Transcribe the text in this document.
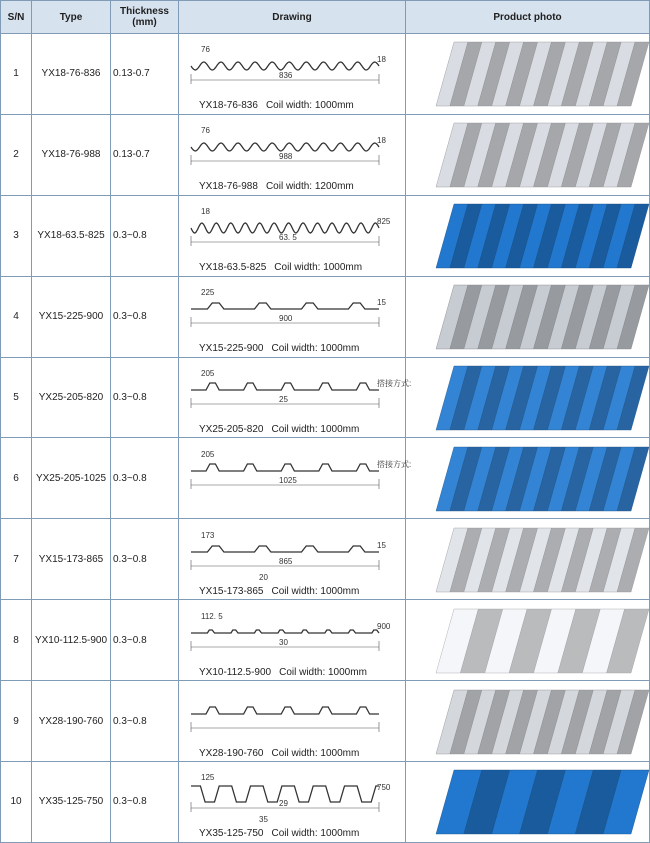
S/N	Type	Thickness
(mm)	Drawing	Product photo
1	YX18-76-836	0.13-0.7	76
836
18
YX18-76-836 Coil width: 1000mm

2	YX18-76-988	0.13-0.7	76
988
18
YX18-76-988 Coil width: 1200mm

3	YX18-63.5-825	0.3~0.8	18
63. 5
825
YX18-63.5-825 Coil width: 1000mm

4	YX15-225-900	0.3~0.8	225
900
15
YX15-225-900 Coil width: 1000mm

5	YX25-205-820	0.3~0.8	205
25
搭接方式:
YX25-205-820 Coil width: 1000mm

6	YX25-205-1025	0.3~0.8	205
1025
搭接方式:

7	YX15-173-865	0.3~0.8	173
865
15
20
YX15-173-865 Coil width: 1000mm

8	YX10-112.5-900	0.3~0.8	112. 5
30
900
YX10-112.5-900 Coil width: 1000mm

9	YX28-190-760	0.3~0.8	YX28-190-760 Coil width: 1000mm

10	YX35-125-750	0.3~0.8	125
29
750
35
YX35-125-750 Coil width: 1000mm
